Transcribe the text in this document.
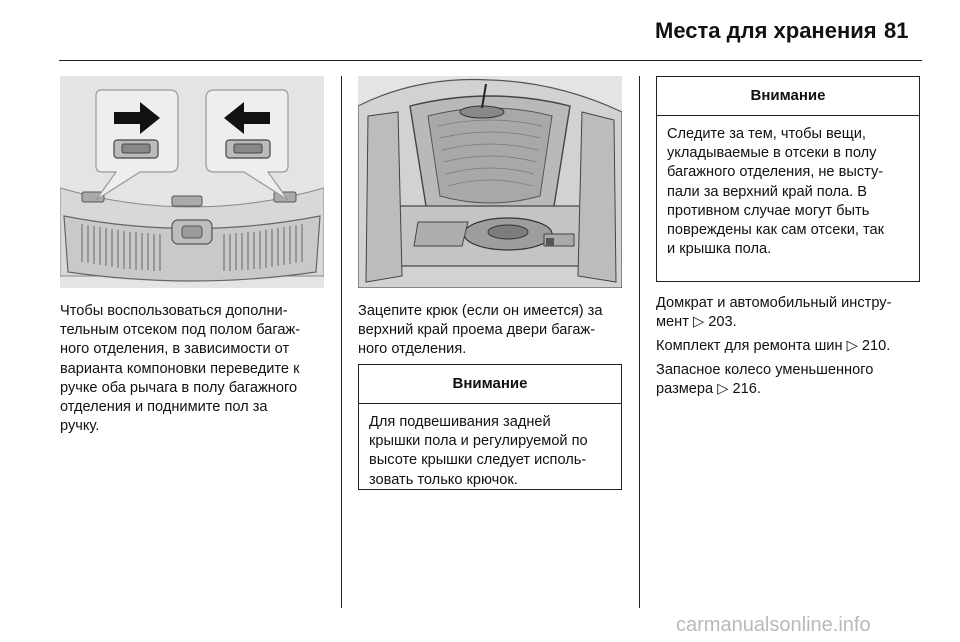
Места для хранения 81

Чтобы воспользоваться дополни-
тельным отсеком под полом багаж-
ного отделения, в зависимости от
варианта компоновки переведите к
ручке оба рычага в полу багажного
отделения и поднимите пол за
ручку.

Зацепите крюк (если он имеется) за
верхний край проема двери багаж-
ного отделения.

Внимание
Для подвешивания задней
крышки пола и регулируемой по
высоте крышки следует исполь-
зовать только крючок.
Внимание
Следите за тем, чтобы вещи,
укладываемые в отсеки в полу
багажного отделения, не высту-
пали за верхний край пола. В
противном случае могут быть
повреждены как сам отсеки, так
и крышка пола.

Домкрат и автомобильный инстру-
мент ▷ 203.

Комплект для ремонта шин ▷ 210.

Запасное колесо уменьшенного
размера ▷ 216.

carmanualsonline.info
